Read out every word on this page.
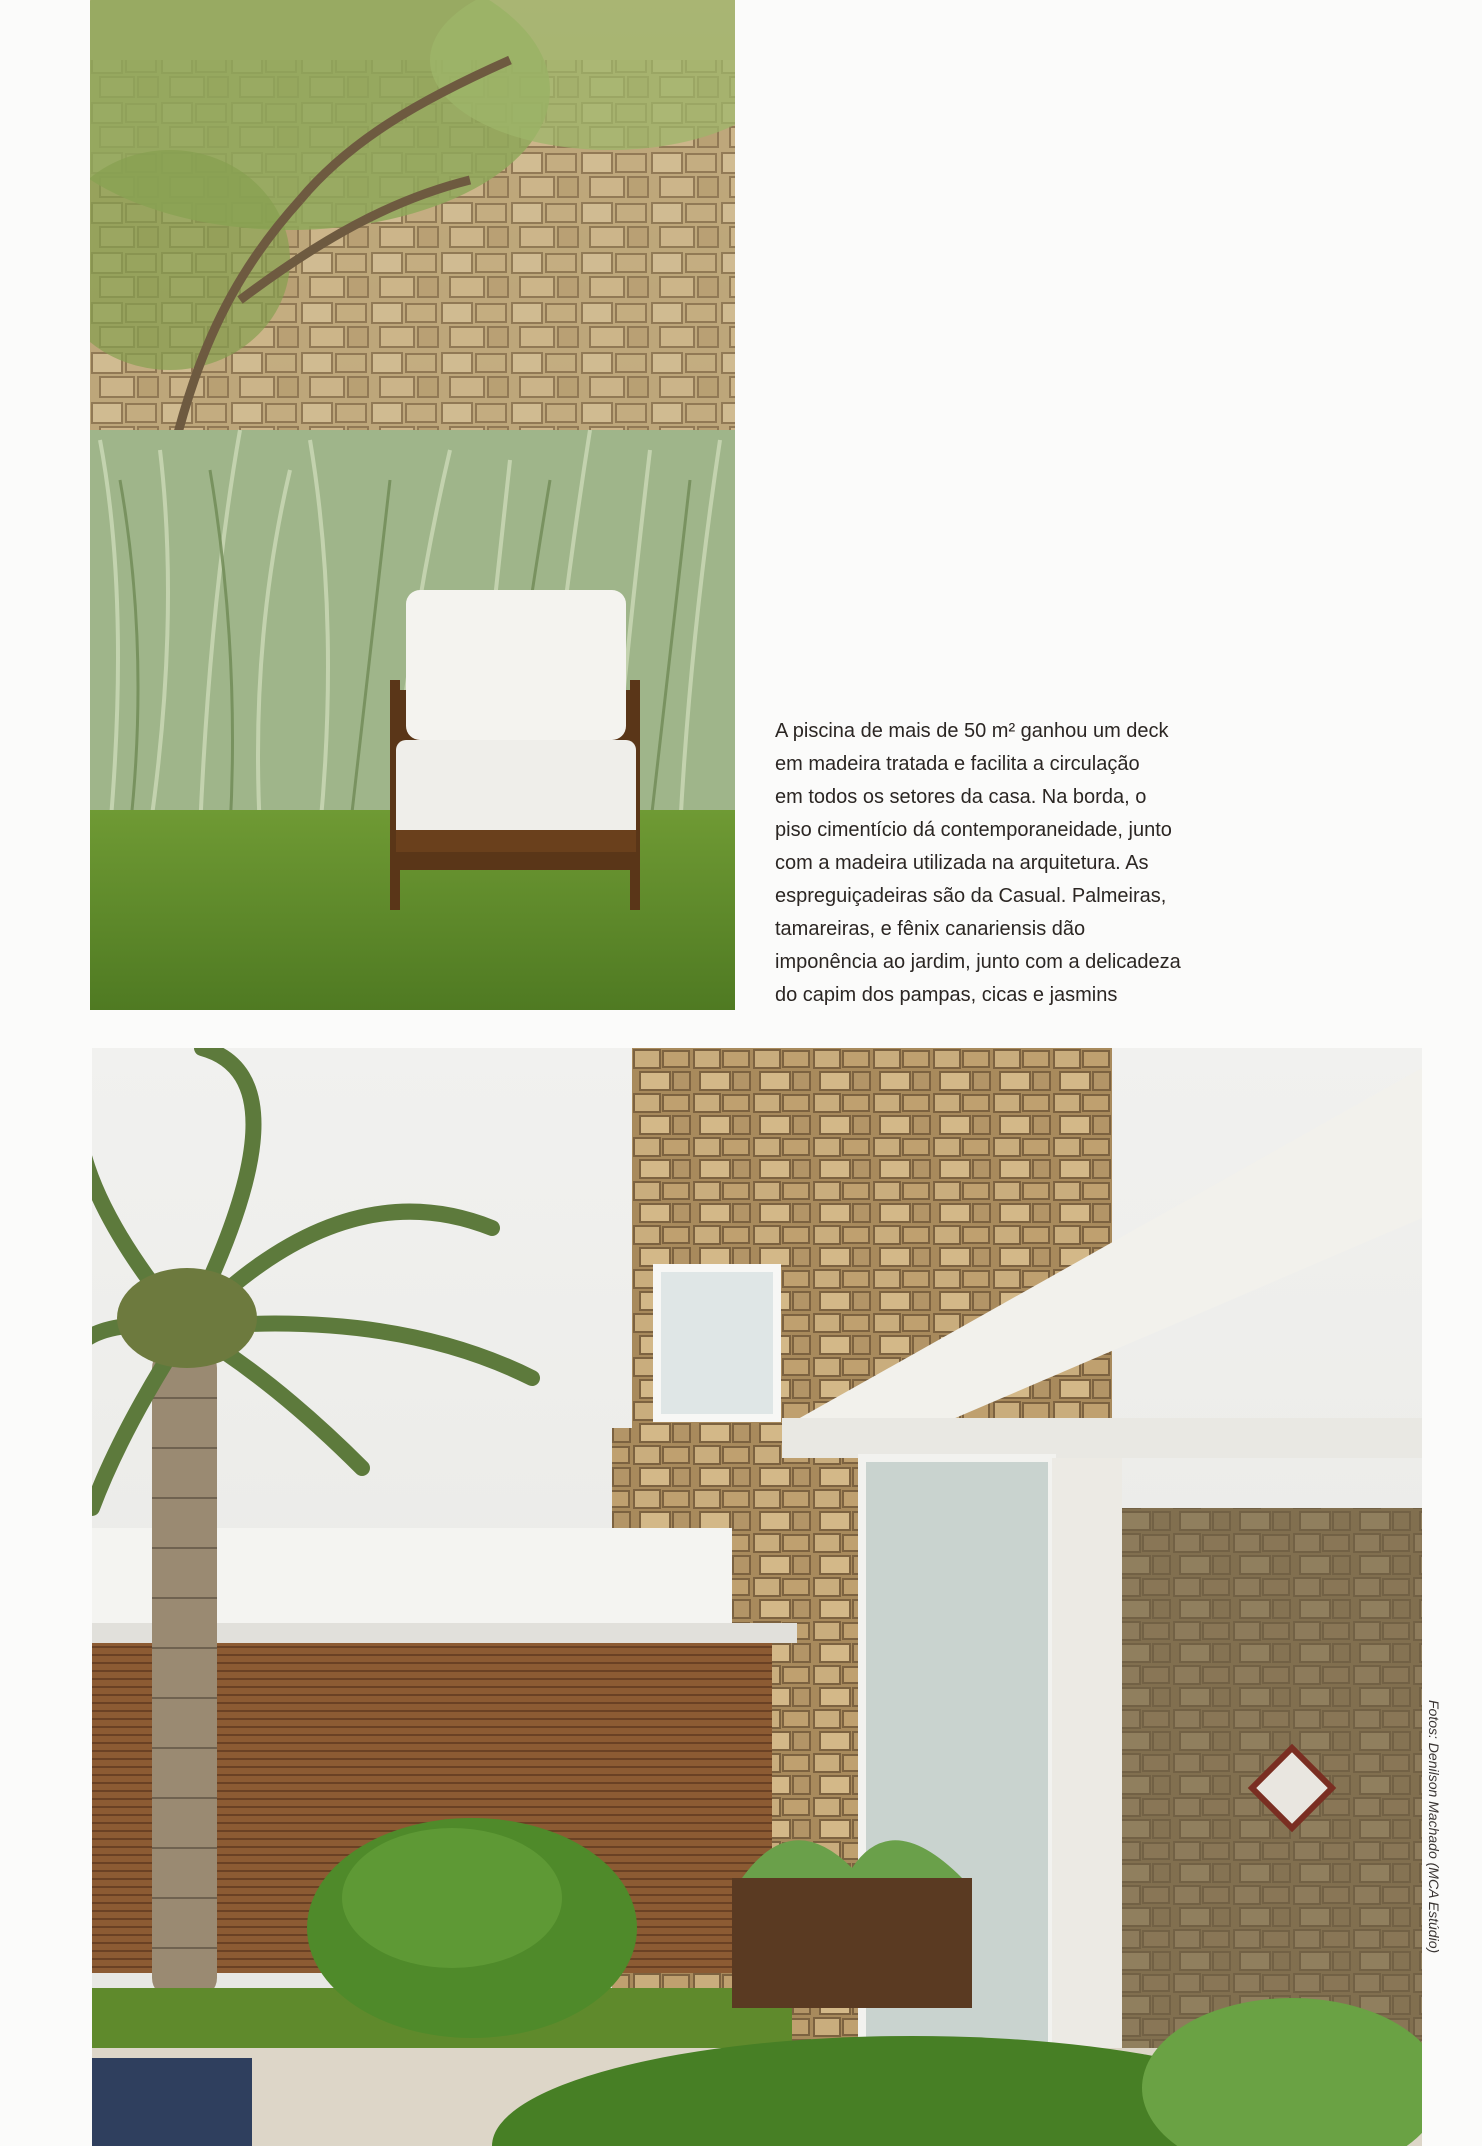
A piscina de mais de 50 m² ganhou um deck
em madeira tratada e facilita a circulação
em todos os setores da casa. Na borda, o
piso cimentício dá contemporaneidade, junto
com a madeira utilizada na arquitetura. As
espreguiçadeiras são da Casual. Palmeiras,
tamareiras, e fênix canariensis dão
imponência ao jardim, junto com a delicadeza
do capim dos pampas, cicas e jasmins

Fotos: Denilson Machado (MCA Estúdio)
